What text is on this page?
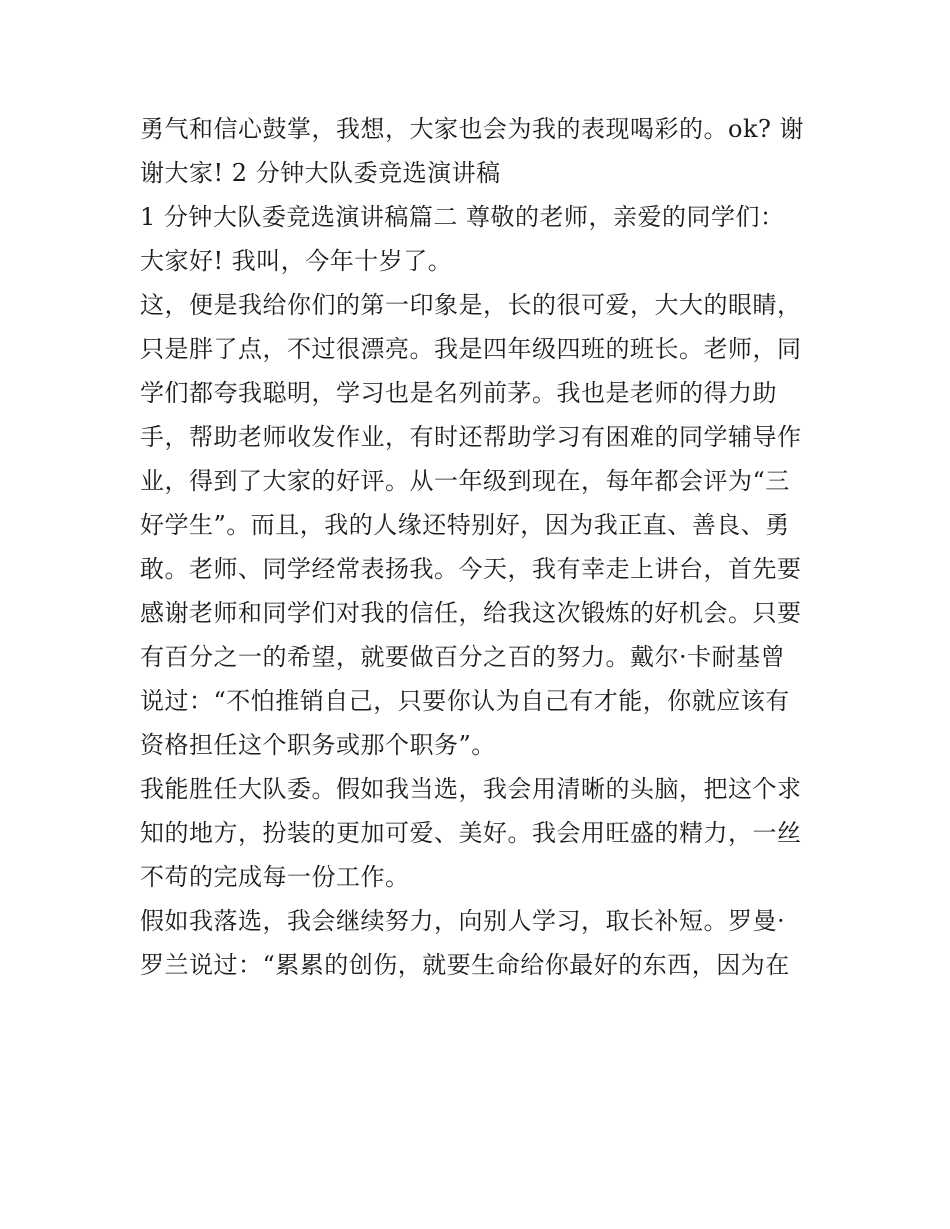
勇气和信心鼓掌，我想，大家也会为我的表现喝彩的。ok? 谢
谢大家! 2 分钟大队委竞选演讲稿
1 分钟大队委竞选演讲稿篇二 尊敬的老师，亲爱的同学们：
大家好! 我叫，今年十岁了。
这，便是我给你们的第一印象是，长的很可爱，大大的眼睛，
只是胖了点，不过很漂亮。我是四年级四班的班长。老师，同
学们都夸我聪明，学习也是名列前茅。我也是老师的得力助
手，帮助老师收发作业，有时还帮助学习有困难的同学辅导作
业，得到了大家的好评。从一年级到现在，每年都会评为“三
好学生”。而且，我的人缘还特别好，因为我正直、善良、勇
敢。老师、同学经常表扬我。今天，我有幸走上讲台，首先要
感谢老师和同学们对我的信任，给我这次锻炼的好机会。只要
有百分之一的希望，就要做百分之百的努力。戴尔·卡耐基曾
说过：“不怕推销自己，只要你认为自己有才能，你就应该有
资格担任这个职务或那个职务”。
我能胜任大队委。假如我当选，我会用清晰的头脑，把这个求
知的地方，扮装的更加可爱、美好。我会用旺盛的精力，一丝
不苟的完成每一份工作。
假如我落选，我会继续努力，向别人学习，取长补短。罗曼·
罗兰说过：“累累的创伤，就要生命给你最好的东西，因为在
